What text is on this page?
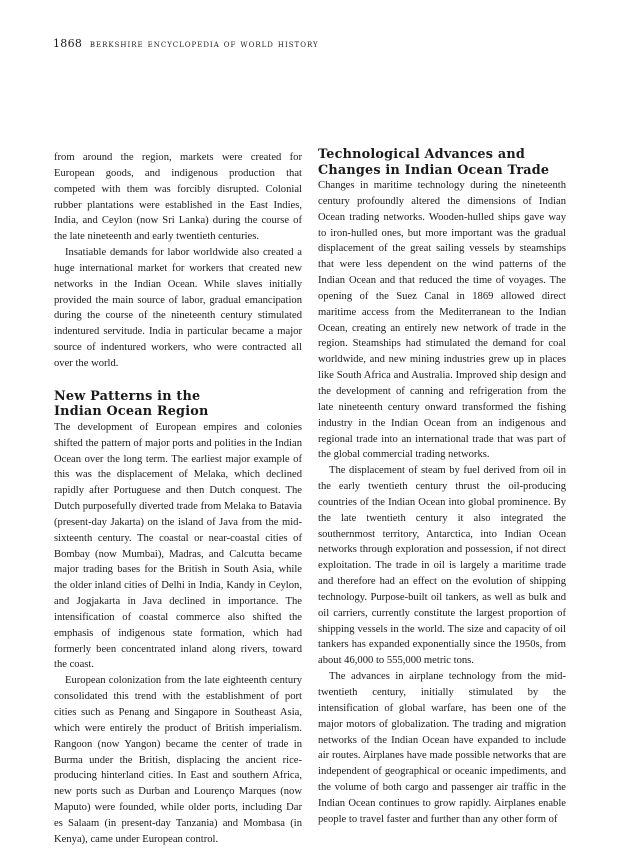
1868 berkshire encyclopedia of world history

from around the region, markets were created for European goods, and indigenous production that competed with them was forcibly disrupted. Colonial rubber plantations were established in the East Indies, India, and Ceylon (now Sri Lanka) during the course of the late nineteenth and early twentieth centuries.

Insatiable demands for labor worldwide also created a huge international market for workers that created new networks in the Indian Ocean. While slaves initially provided the main source of labor, gradual emancipation during the course of the nineteenth century stimulated indentured servitude. India in particular became a major source of indentured workers, who were contracted all over the world.

New Patterns in the
Indian Ocean Region

The development of European empires and colonies shifted the pattern of major ports and polities in the Indian Ocean over the long term. The earliest major example of this was the displacement of Melaka, which declined rapidly after Portuguese and then Dutch conquest. The Dutch purposefully diverted trade from Melaka to Batavia (present-day Jakarta) on the island of Java from the mid-sixteenth century. The coastal or near-coastal cities of Bombay (now Mumbai), Madras, and Calcutta became major trading bases for the British in South Asia, while the older inland cities of Delhi in India, Kandy in Ceylon, and Jogjakarta in Java declined in importance. The intensification of coastal commerce also shifted the emphasis of indigenous state formation, which had formerly been concentrated inland along rivers, toward the coast.

European colonization from the late eighteenth century consolidated this trend with the establishment of port cities such as Penang and Singapore in Southeast Asia, which were entirely the product of British imperialism. Rangoon (now Yangon) became the center of trade in Burma under the British, displacing the ancient rice-producing hinterland cities. In East and southern Africa, new ports such as Durban and Lourenço Marques (now Maputo) were founded, while older ports, including Dar es Salaam (in present-day Tanzania) and Mombasa (in Kenya), came under European control.

Technological Advances and
Changes in Indian Ocean Trade

Changes in maritime technology during the nineteenth century profoundly altered the dimensions of Indian Ocean trading networks. Wooden-hulled ships gave way to iron-hulled ones, but more important was the gradual displacement of the great sailing vessels by steamships that were less dependent on the wind patterns of the Indian Ocean and that reduced the time of voyages. The opening of the Suez Canal in 1869 allowed direct maritime access from the Mediterranean to the Indian Ocean, creating an entirely new network of trade in the region. Steamships had stimulated the demand for coal worldwide, and new mining industries grew up in places like South Africa and Australia. Improved ship design and the development of canning and refrigeration from the late nineteenth century onward transformed the fishing industry in the Indian Ocean from an indigenous and regional trade into an international trade that was part of the global commercial trading networks.

The displacement of steam by fuel derived from oil in the early twentieth century thrust the oil-producing countries of the Indian Ocean into global prominence. By the late twentieth century it also integrated the southernmost territory, Antarctica, into Indian Ocean networks through exploration and possession, if not direct exploitation. The trade in oil is largely a maritime trade and therefore had an effect on the evolution of shipping technology. Purpose-built oil tankers, as well as bulk and oil carriers, currently constitute the largest proportion of shipping vessels in the world. The size and capacity of oil tankers has expanded exponentially since the 1950s, from about 46,000 to 555,000 metric tons.

The advances in airplane technology from the mid-twentieth century, initially stimulated by the intensification of global warfare, has been one of the major motors of globalization. The trading and migration networks of the Indian Ocean have expanded to include air routes. Airplanes have made possible networks that are independent of geographical or oceanic impediments, and the volume of both cargo and passenger air traffic in the Indian Ocean continues to grow rapidly. Airplanes enable people to travel faster and further than any other form of
